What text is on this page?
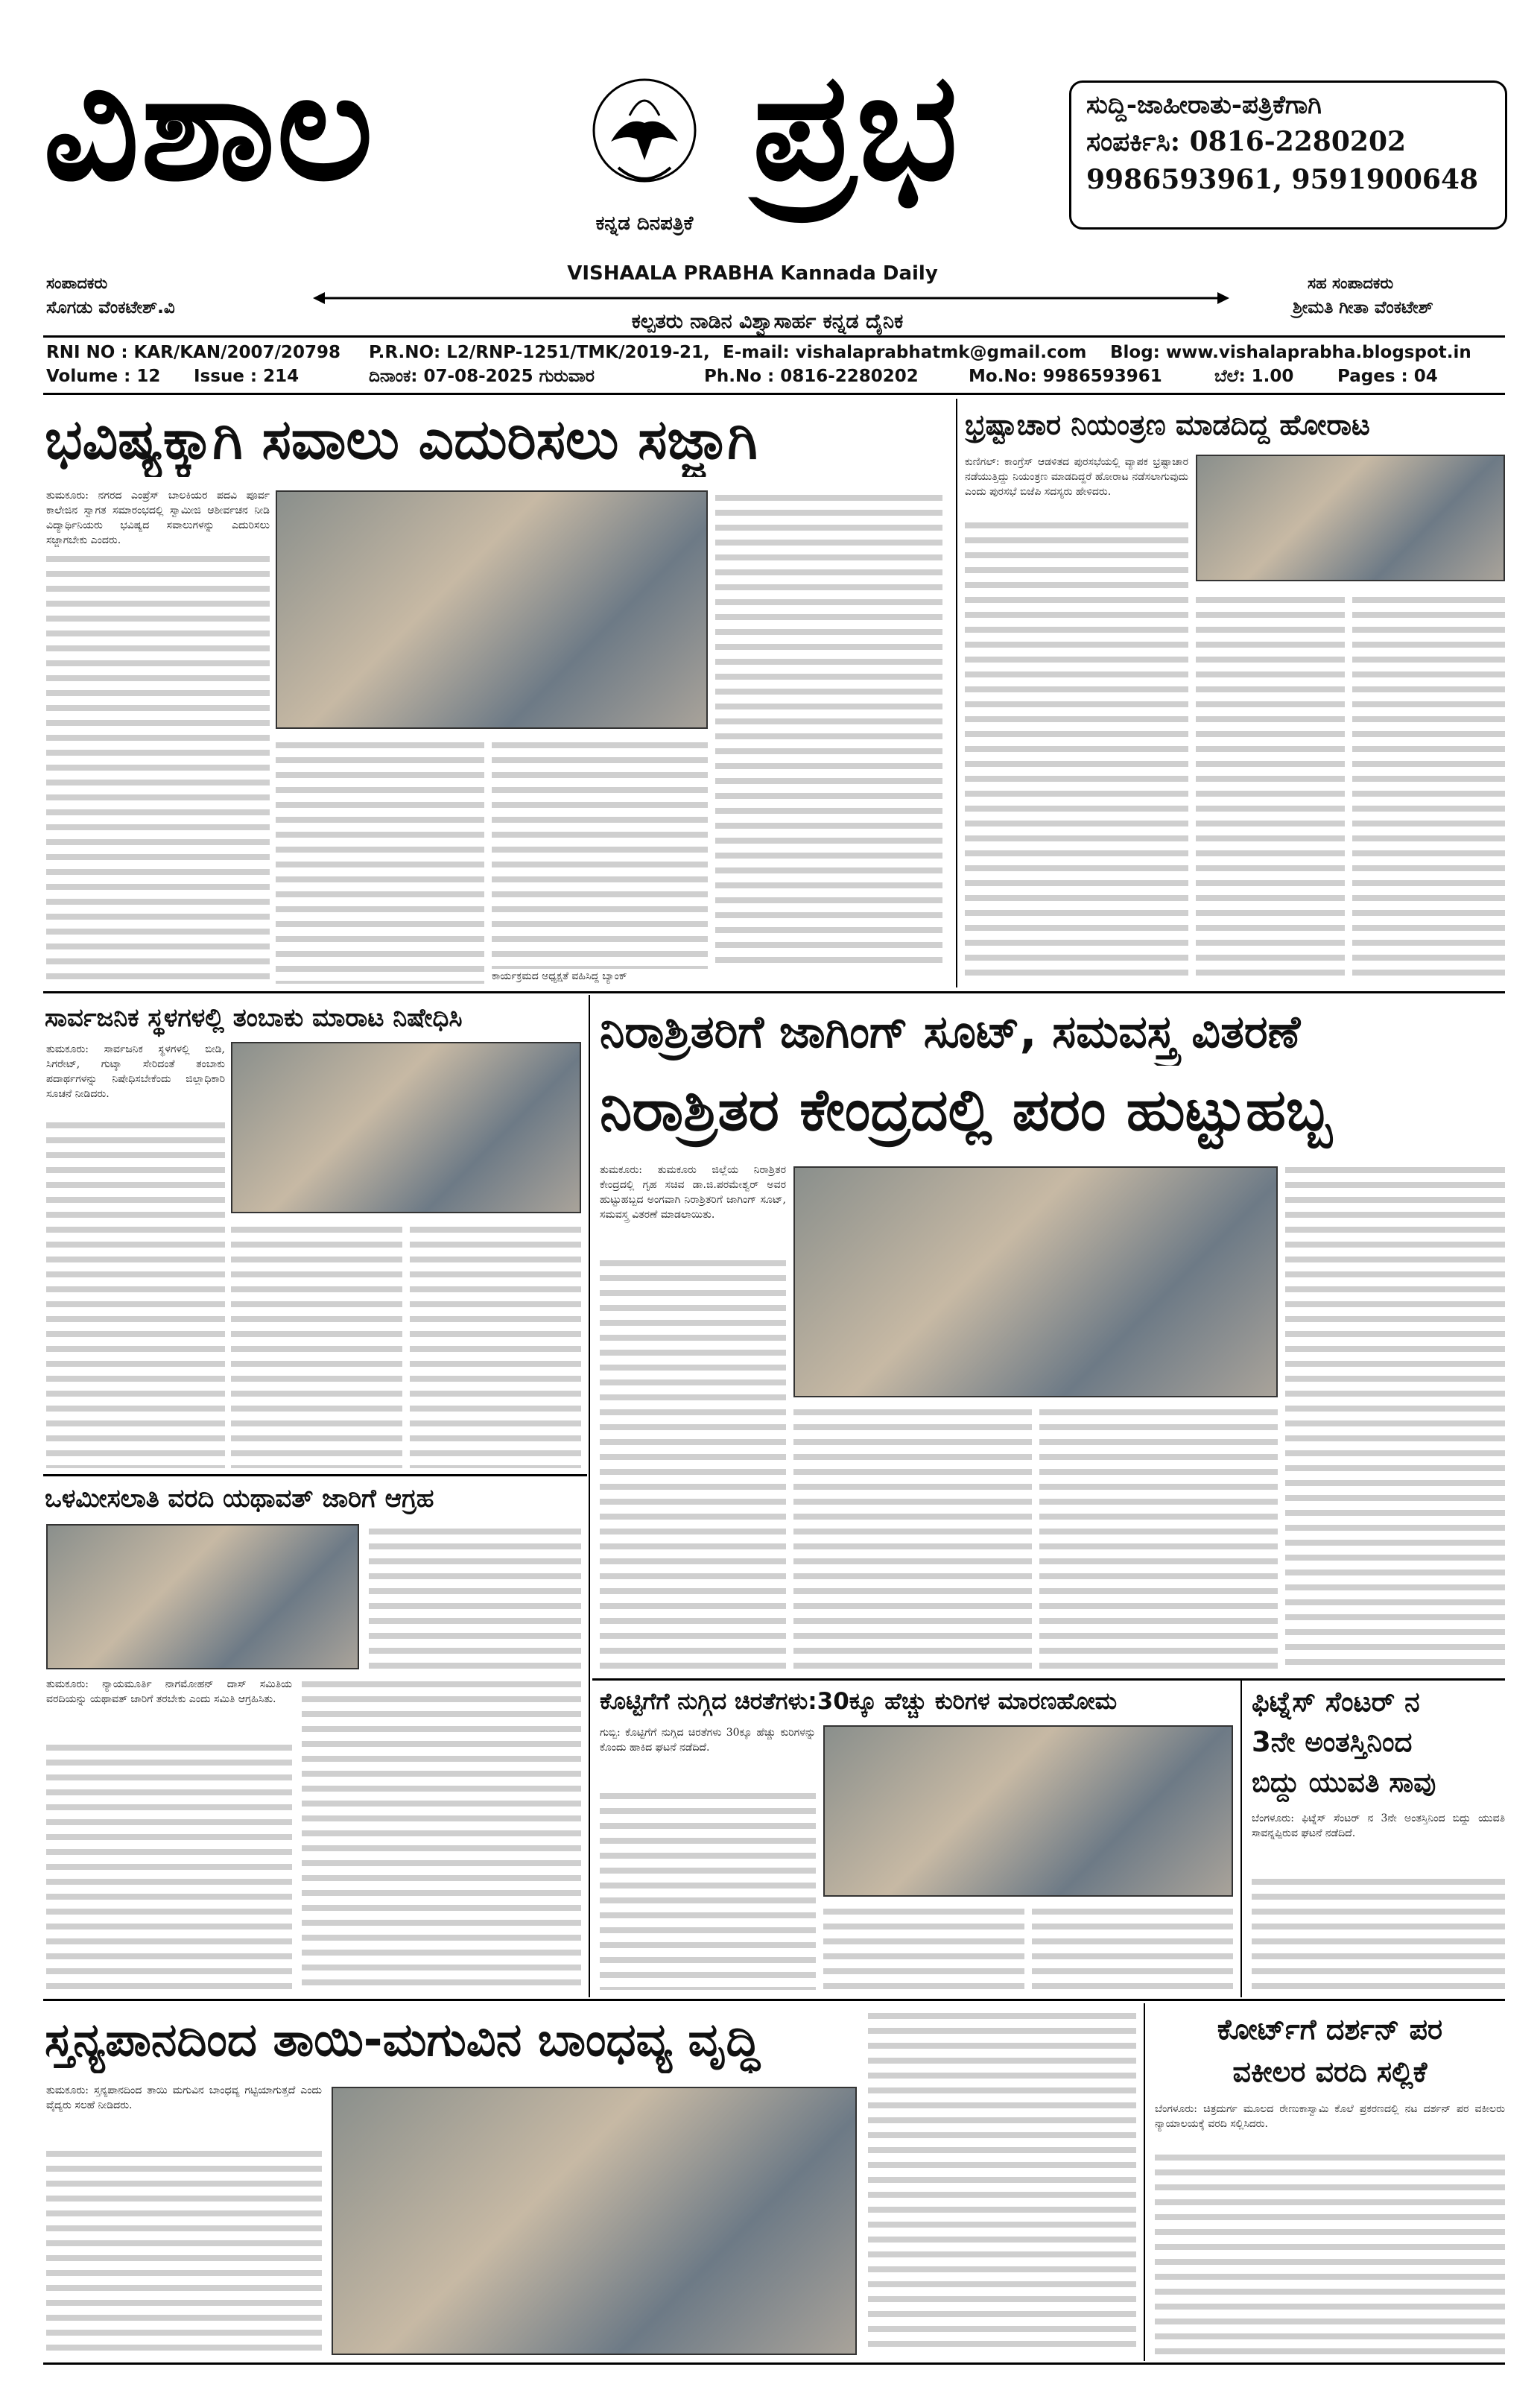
ವಿಶಾಲ
ಕನ್ನಡ ದಿನಪತ್ರಿಕೆ
ಪ್ರಭ	ಸುದ್ದಿ-ಜಾಹೀರಾತು-ಪತ್ರಿಕೆಗಾಗಿ
ಸಂಪರ್ಕಿಸಿ: 0816-2280202
9986593961, 9591900648
ಸಂಪಾದಕರು
ಸೊಗಡು ವೆಂಕಟೇಶ್.ವಿ
VISHAALA PRABHA Kannada Daily
ಕಲ್ಪತರು ನಾಡಿನ ವಿಶ್ವಾಸಾರ್ಹ ಕನ್ನಡ ದೈನಿಕ
ಸಹ ಸಂಪಾದಕರು
ಶ್ರೀಮತಿ ಗೀತಾ ವೆಂಕಟೇಶ್
RNI NO : KAR/KAN/2007/20798 P.R.NO: L2/RNP-1251/TMK/2019-21, E-mail: vishalaprabhatmk@gmail.com Blog: www.vishalaprabha.blogspot.in
Volume : 12 Issue : 214	ದಿನಾಂಕ: 07-08-2025 ಗುರುವಾರ	Ph.No : 0816-2280202	Mo.No: 9986593961	ಬೆಲೆ: 1.00	Pages : 04
ಭವಿಷ್ಯಕ್ಕಾಗಿ ಸವಾಲು ಎದುರಿಸಲು ಸಜ್ಜಾಗಿ
ತುಮಕೂರು: ನಗರದ ಎಂಪ್ರೆಸ್ ಬಾಲಕಿಯರ ಪದವಿ ಪೂರ್ವ ಕಾಲೇಜಿನ ಸ್ವಾಗತ ಸಮಾರಂಭದಲ್ಲಿ ಸ್ವಾಮೀಜಿ ಆಶೀರ್ವಚನ ನೀಡಿ ವಿದ್ಯಾರ್ಥಿನಿಯರು ಭವಿಷ್ಯದ ಸವಾಲುಗಳನ್ನು ಎದುರಿಸಲು ಸಜ್ಜಾಗಬೇಕು ಎಂದರು.
ಕಾರ್ಯಕ್ರಮದ ಅಧ್ಯಕ್ಷತೆ ವಹಿಸಿದ್ದ ಬ್ಯಾಂಕ್
ಭ್ರಷ್ಟಾಚಾರ ನಿಯಂತ್ರಣ ಮಾಡದಿದ್ದ ಹೋರಾಟ
ಕುಣಿಗಲ್: ಕಾಂಗ್ರೆಸ್ ಆಡಳಿತದ ಪುರಸಭೆಯಲ್ಲಿ ವ್ಯಾಪಕ ಭ್ರಷ್ಟಾಚಾರ ನಡೆಯುತ್ತಿದ್ದು ನಿಯಂತ್ರಣ ಮಾಡದಿದ್ದರೆ ಹೋರಾಟ ನಡೆಸಲಾಗುವುದು ಎಂದು ಪುರಸಭೆ ಬಿಜೆಪಿ ಸದಸ್ಯರು ಹೇಳಿದರು.
ಸಾರ್ವಜನಿಕ ಸ್ಥಳಗಳಲ್ಲಿ ತಂಬಾಕು ಮಾರಾಟ ನಿಷೇಧಿಸಿ
ತುಮಕೂರು: ಸಾರ್ವಜನಿಕ ಸ್ಥಳಗಳಲ್ಲಿ ಬೀಡಿ, ಸಿಗರೇಟ್, ಗುಟ್ಕಾ ಸೇರಿದಂತೆ ತಂಬಾಕು ಪದಾರ್ಥಗಳನ್ನು ನಿಷೇಧಿಸಬೇಕೆಂದು ಜಿಲ್ಲಾಧಿಕಾರಿ ಸೂಚನೆ ನೀಡಿದರು.
ನಿರಾಶ್ರಿತರಿಗೆ ಜಾಗಿಂಗ್ ಸೂಟ್, ಸಮವಸ್ತ್ರ ವಿತರಣೆ
ನಿರಾಶ್ರಿತರ ಕೇಂದ್ರದಲ್ಲಿ ಪರಂ ಹುಟ್ಟುಹಬ್ಬ
ತುಮಕೂರು: ತುಮಕೂರು ಜಿಲ್ಲೆಯ ನಿರಾಶ್ರಿತರ ಕೇಂದ್ರದಲ್ಲಿ ಗೃಹ ಸಚಿವ ಡಾ.ಜಿ.ಪರಮೇಶ್ವರ್ ಅವರ ಹುಟ್ಟುಹಬ್ಬದ ಅಂಗವಾಗಿ ನಿರಾಶ್ರಿತರಿಗೆ ಜಾಗಿಂಗ್ ಸೂಟ್, ಸಮವಸ್ತ್ರ ವಿತರಣೆ ಮಾಡಲಾಯಿತು.
ಒಳಮೀಸಲಾತಿ ವರದಿ ಯಥಾವತ್ ಜಾರಿಗೆ ಆಗ್ರಹ
ತುಮಕೂರು: ನ್ಯಾಯಮೂರ್ತಿ ನಾಗಮೋಹನ್ ದಾಸ್ ಸಮಿತಿಯ ವರದಿಯನ್ನು ಯಥಾವತ್ ಜಾರಿಗೆ ತರಬೇಕು ಎಂದು ಸಮಿತಿ ಆಗ್ರಹಿಸಿತು.	ಕೊಟ್ಟಿಗೆಗೆ ನುಗ್ಗಿದ ಚಿರತೆಗಳು:30ಕ್ಕೂ ಹೆಚ್ಚು ಕುರಿಗಳ ಮಾರಣಹೋಮ
ಗುಬ್ಬಿ: ಕೊಟ್ಟಿಗೆಗೆ ನುಗ್ಗಿದ ಚಿರತೆಗಳು 30ಕ್ಕೂ ಹೆಚ್ಚು ಕುರಿಗಳನ್ನು ಕೊಂದು ಹಾಕಿದ ಘಟನೆ ನಡೆದಿದೆ.
ಫಿಟ್ನೆಸ್ ಸೆಂಟರ್ ನ
3ನೇ ಅಂತಸ್ತಿನಿಂದ
ಬಿದ್ದು ಯುವತಿ ಸಾವು
ಬೆಂಗಳೂರು: ಫಿಟ್ನೆಸ್ ಸೆಂಟರ್ ನ 3ನೇ ಅಂತಸ್ತಿನಿಂದ ಬಿದ್ದು ಯುವತಿ ಸಾವನ್ನಪ್ಪಿರುವ ಘಟನೆ ನಡೆದಿದೆ.
ಸ್ತನ್ಯಪಾನದಿಂದ ತಾಯಿ-ಮಗುವಿನ ಬಾಂಧವ್ಯ ವೃದ್ಧಿ
ತುಮಕೂರು: ಸ್ತನ್ಯಪಾನದಿಂದ ತಾಯಿ ಮಗುವಿನ ಬಾಂಧವ್ಯ ಗಟ್ಟಿಯಾಗುತ್ತದೆ ಎಂದು ವೈದ್ಯರು ಸಲಹೆ ನೀಡಿದರು.
ಕೋರ್ಟ್‌ಗೆ ದರ್ಶನ್ ಪರ
ವಕೀಲರ ವರದಿ ಸಲ್ಲಿಕೆ
ಬೆಂಗಳೂರು: ಚಿತ್ರದುರ್ಗ ಮೂಲದ ರೇಣುಕಾಸ್ವಾಮಿ ಕೊಲೆ ಪ್ರಕರಣದಲ್ಲಿ ನಟ ದರ್ಶನ್ ಪರ ವಕೀಲರು ನ್ಯಾಯಾಲಯಕ್ಕೆ ವರದಿ ಸಲ್ಲಿಸಿದರು.
